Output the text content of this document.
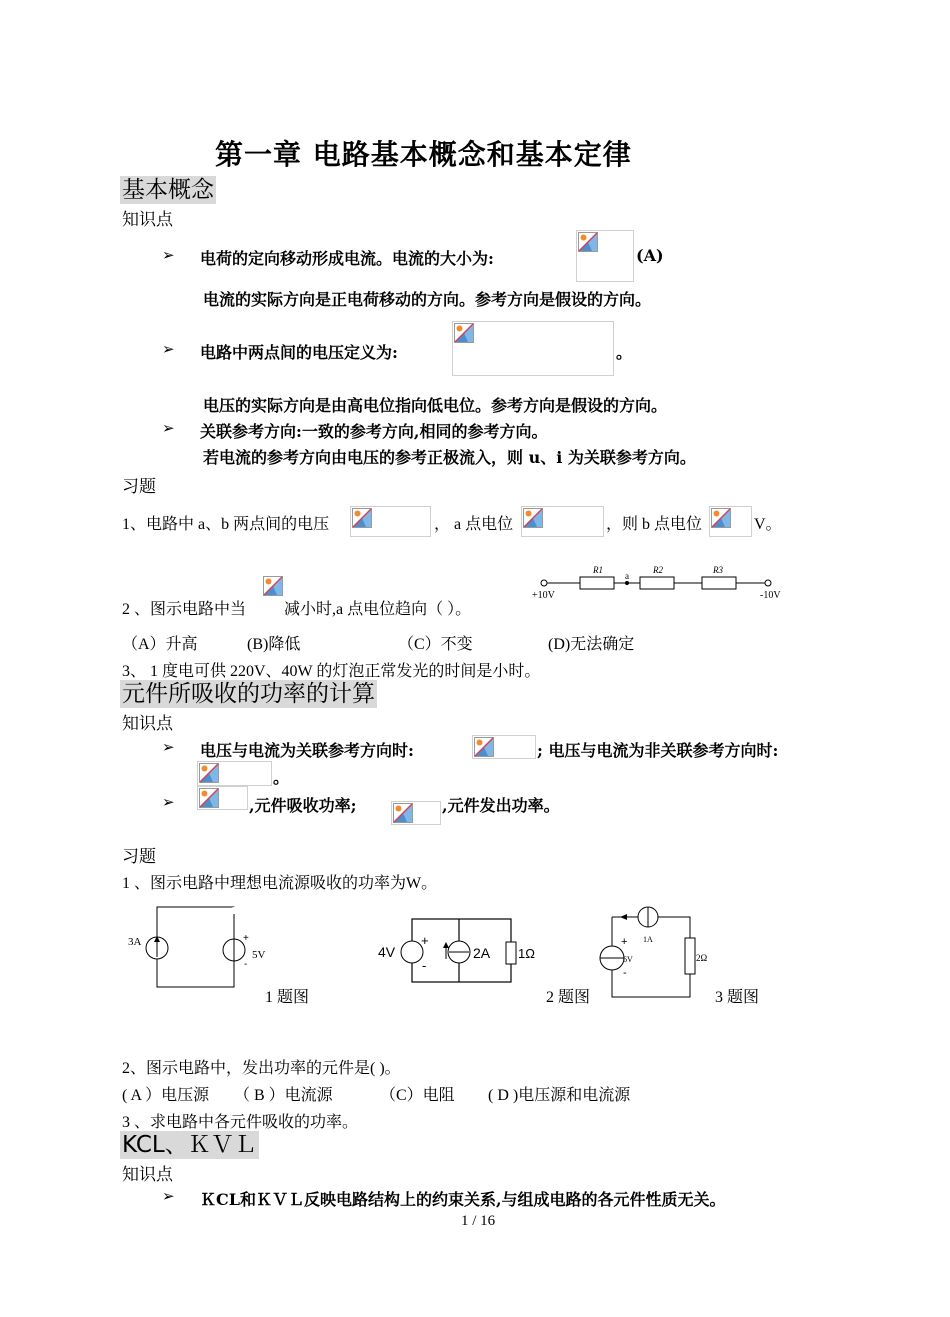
第一章 电路基本概念和基本定律
基本概念
知识点
➢ 电荷的定向移动形成电流。电流的大小为:	(A)
电流的实际方向是正电荷移动的方向。参考方向是假设的方向。
➢ 电路中两点间的电压定义为:	。
电压的实际方向是由高电位指向低电位。参考方向是假设的方向。
➢ 关联参考方向:一致的参考方向,相同的参考方向。
若电流的参考方向由电压的参考正极流入，则 u、i 为关联参考方向。
习题
1、电路中 a、b 两点间的电压	， a 点电位	，则 b 点电位	V。
R1
a
R2	R3
+10V	-10V
2 、图示电路中当 减小时,a 点电位趋向（ ）。
（A）升高	(B)降低	（C）不变	(D)无法确定
3、 1 度电可供 220V、40W 的灯泡正常发光的时间是小时。
元件所吸收的功率的计算
知识点
➢ 电压与电流为关联参考方向时:	; 电压与电流为非关联参考方向时:
。
➢	,元件吸收功率;	,元件发出功率。
习题
1 、图示电路中理想电流源吸收的功率为W。
3A	+
5V
-
1 题图
4V
+
-
2A 1Ω
2 题图
1A
+
6V
-
2Ω
3 题图
2、图示电路中，发出功率的元件是( )。
( A ）电压源 （ B ）电流源	（C）电阻 ( D )电压源和电流源
3 、求电路中各元件吸收的功率。
KCL、ＫＶＬ
知识点
➢ ＫCL和ＫＶＬ反映电路结构上的约束关系,与组成电路的各元件性质无关。
1 / 16
